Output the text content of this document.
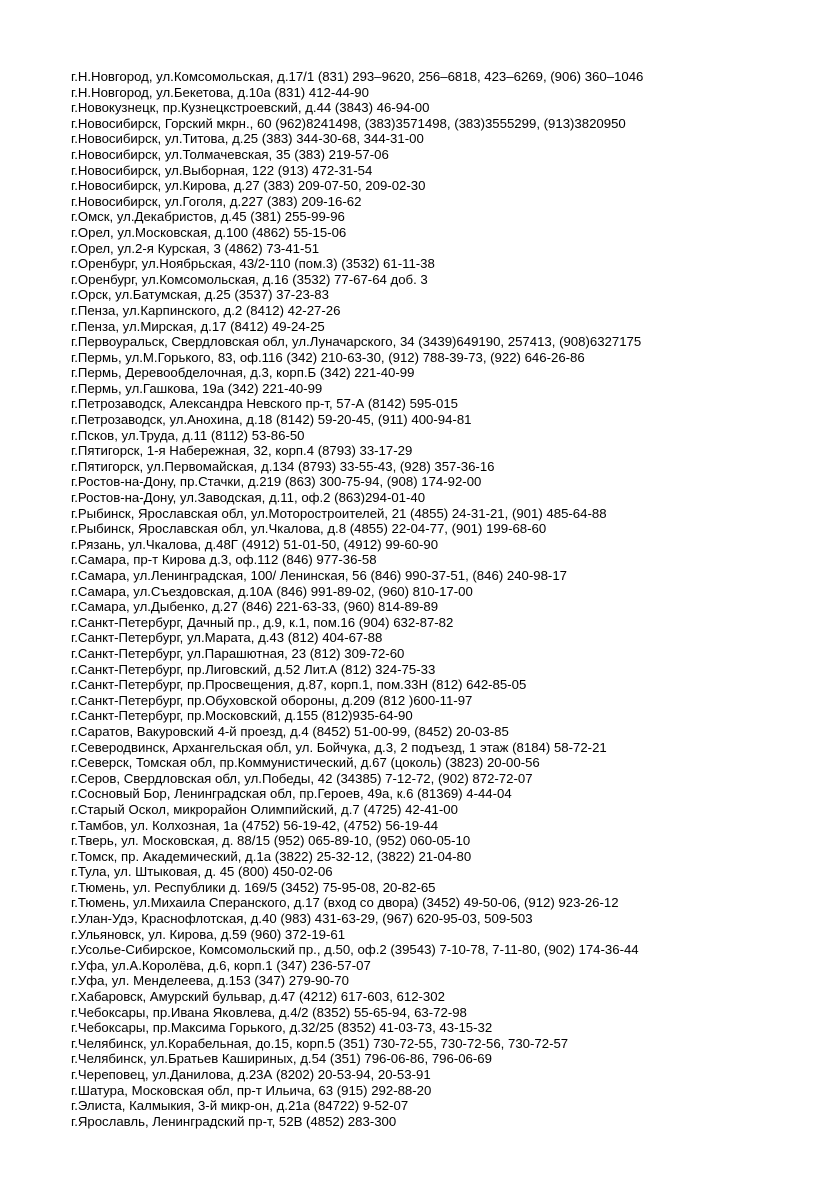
г.Н.Новгород, ул.Комсомольская, д.17/1 (831) 293–9620, 256–6818, 423–6269, (906) 360–1046
г.Н.Новгород, ул.Бекетова, д.10а (831) 412-44-90
г.Новокузнецк, пр.Кузнецкстроевский, д.44 (3843) 46-94-00
г.Новосибирск, Горский мкрн., 60 (962)8241498, (383)3571498, (383)3555299, (913)3820950
г.Новосибирск, ул.Титова, д.25 (383) 344-30-68, 344-31-00
г.Новосибирск, ул.Толмачевская, 35 (383) 219-57-06
г.Новосибирск, ул.Выборная, 122 (913) 472-31-54
г.Новосибирск, ул.Кирова, д.27 (383) 209-07-50, 209-02-30
г.Новосибирск, ул.Гоголя, д.227 (383) 209-16-62
г.Омск, ул.Декабристов, д.45 (381) 255-99-96
г.Орел, ул.Московская, д.100 (4862) 55-15-06
г.Орел, ул.2-я Курская, 3 (4862) 73-41-51
г.Оренбург, ул.Ноябрьская, 43/2-110 (пом.3) (3532) 61-11-38
г.Оренбург, ул.Комсомольская, д.16 (3532) 77-67-64 доб. 3
г.Орск, ул.Батумская, д.25 (3537) 37-23-83
г.Пенза, ул.Карпинского, д.2 (8412) 42-27-26
г.Пенза, ул.Мирская, д.17 (8412) 49-24-25
г.Первоуральск, Свердловская обл, ул.Луначарского, 34 (3439)649190, 257413, (908)6327175
г.Пермь, ул.М.Горького, 83, оф.116 (342) 210-63-30, (912) 788-39-73, (922) 646-26-86
г.Пермь, Деревообделочная, д.3, корп.Б (342) 221-40-99
г.Пермь, ул.Гашкова, 19а (342) 221-40-99
г.Петрозаводск, Александра Невского пр-т, 57-А (8142) 595-015
г.Петрозаводск, ул.Анохина, д.18 (8142) 59-20-45, (911) 400-94-81
г.Псков, ул.Труда, д.11 (8112) 53-86-50
г.Пятигорск, 1-я Набережная, 32, корп.4 (8793) 33-17-29
г.Пятигорск, ул.Первомайская, д.134 (8793) 33-55-43, (928) 357-36-16
г.Ростов-на-Дону, пр.Стачки, д.219 (863) 300-75-94, (908) 174-92-00
г.Ростов-на-Дону, ул.Заводская, д.11, оф.2 (863)294-01-40
г.Рыбинск, Ярославская обл, ул.Моторостроителей, 21 (4855) 24-31-21, (901) 485-64-88
г.Рыбинск, Ярославская обл, ул.Чкалова, д.8 (4855) 22-04-77, (901) 199-68-60
г.Рязань, ул.Чкалова, д.48Г (4912) 51-01-50, (4912) 99-60-90
г.Самара, пр-т Кирова д.3, оф.112 (846) 977-36-58
г.Самара, ул.Ленинградская, 100/ Ленинская, 56 (846) 990-37-51, (846) 240-98-17
г.Самара, ул.Съездовская, д.10А (846) 991-89-02, (960) 810-17-00
г.Самара, ул.Дыбенко, д.27 (846) 221-63-33, (960) 814-89-89
г.Санкт-Петербург, Дачный пр., д.9, к.1, пом.16 (904) 632-87-82
г.Санкт-Петербург, ул.Марата, д.43 (812) 404-67-88
г.Санкт-Петербург, ул.Парашютная, 23 (812) 309-72-60
г.Санкт-Петербург, пр.Лиговский, д.52 Лит.А (812) 324-75-33
г.Санкт-Петербург, пр.Просвещения, д.87, корп.1, пом.33Н (812) 642-85-05
г.Санкт-Петербург, пр.Обуховской обороны, д.209 (812 )600-11-97
г.Санкт-Петербург, пр.Московский, д.155 (812)935-64-90
г.Саратов, Вакуровский 4-й проезд, д.4 (8452) 51-00-99, (8452) 20-03-85
г.Северодвинск, Архангельская обл, ул. Бойчука, д.3, 2 подъезд, 1 этаж (8184) 58-72-21
г.Северск, Томская обл, пр.Коммунистический, д.67 (цоколь) (3823) 20-00-56
г.Серов, Свердловская обл, ул.Победы, 42 (34385) 7-12-72, (902) 872-72-07
г.Сосновый Бор, Ленинградская обл, пр.Героев, 49а, к.6 (81369) 4-44-04
г.Старый Оскол, микрорайон Олимпийский, д.7 (4725) 42-41-00
г.Тамбов, ул. Колхозная, 1а (4752) 56-19-42, (4752) 56-19-44
г.Тверь, ул. Московская, д. 88/15 (952) 065-89-10, (952) 060-05-10
г.Томск, пр. Академический, д.1а (3822) 25-32-12, (3822) 21-04-80
г.Тула, ул. Штыковая, д. 45 (800) 450-02-06
г.Тюмень, ул. Республики д. 169/5 (3452) 75-95-08, 20-82-65
г.Тюмень, ул.Михаила Сперанского, д.17 (вход со двора) (3452) 49-50-06, (912) 923-26-12
г.Улан-Удэ, Краснофлотская, д.40 (983) 431-63-29, (967) 620-95-03, 509-503
г.Ульяновск, ул. Кирова, д.59 (960) 372-19-61
г.Усолье-Сибирское, Комсомольский пр., д.50, оф.2 (39543) 7-10-78, 7-11-80, (902) 174-36-44
г.Уфа, ул.А.Королёва, д.6, корп.1 (347) 236-57-07
г.Уфа, ул. Менделеева, д.153 (347) 279-90-70
г.Хабаровск, Амурский бульвар, д.47 (4212) 617-603, 612-302
г.Чебоксары, пр.Ивана Яковлева, д.4/2 (8352) 55-65-94, 63-72-98
г.Чебоксары, пр.Максима Горького, д.32/25 (8352) 41-03-73, 43-15-32
г.Челябинск, ул.Корабельная, до.15, корп.5 (351) 730-72-55, 730-72-56, 730-72-57
г.Челябинск, ул.Братьев Кашириных, д.54 (351) 796-06-86, 796-06-69
г.Череповец, ул.Данилова, д.23А (8202) 20-53-94, 20-53-91
г.Шатура, Московская обл, пр-т Ильича, 63 (915) 292-88-20
г.Элиста, Калмыкия, 3-й микр-он, д.21а (84722) 9-52-07
г.Ярославль, Ленинградский пр-т, 52В (4852) 283-300
